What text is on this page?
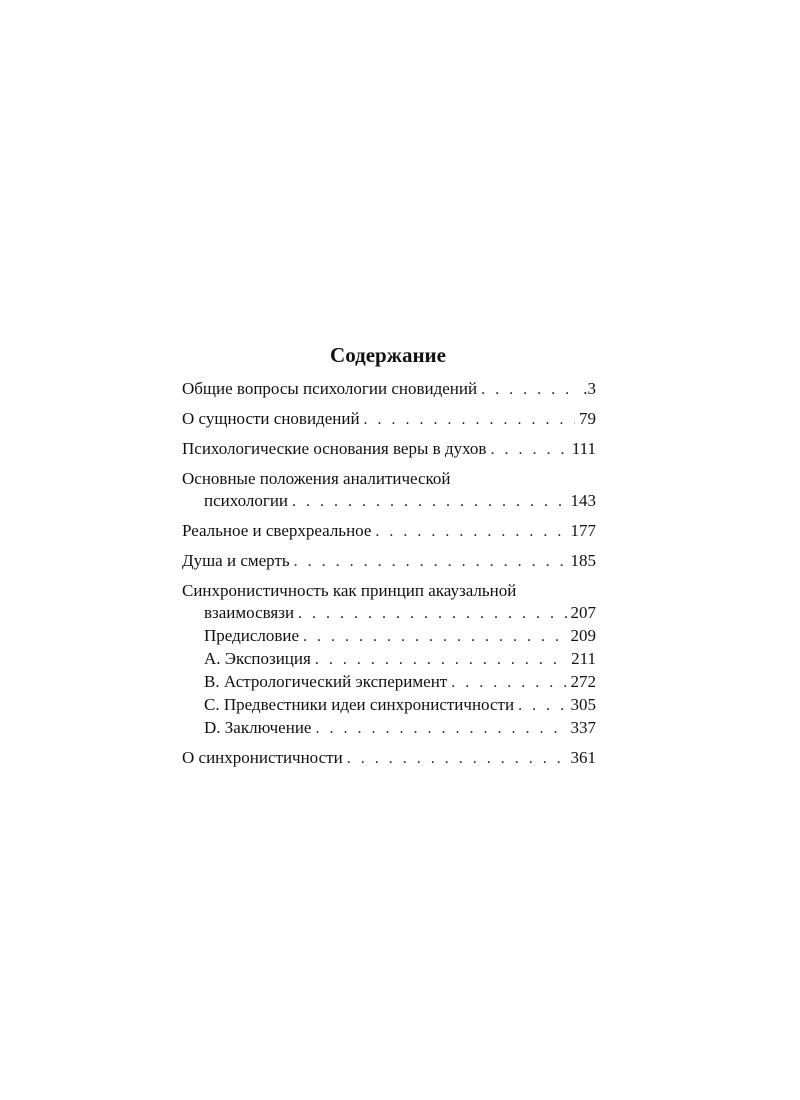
Содержание
Общие вопросы психологии сновидений . . .	.3
О сущности сновидений . . .	79
Психологические основания веры в духов . . .	111
Основные положения аналитической
психологии . . .	143
Реальное и сверхреальное . . .	177
Душа и смерть . . .	185
Синхронистичность как принцип акаузальной
взаимосвязи . . .	207
Предисловие . . .	209
A. Экспозиция . . .	211
B. Астрологический эксперимент . . .	272
C. Предвестники идеи синхронистичности . . .	305
D. Заключение . . .	337
О синхронистичности . . .	361
